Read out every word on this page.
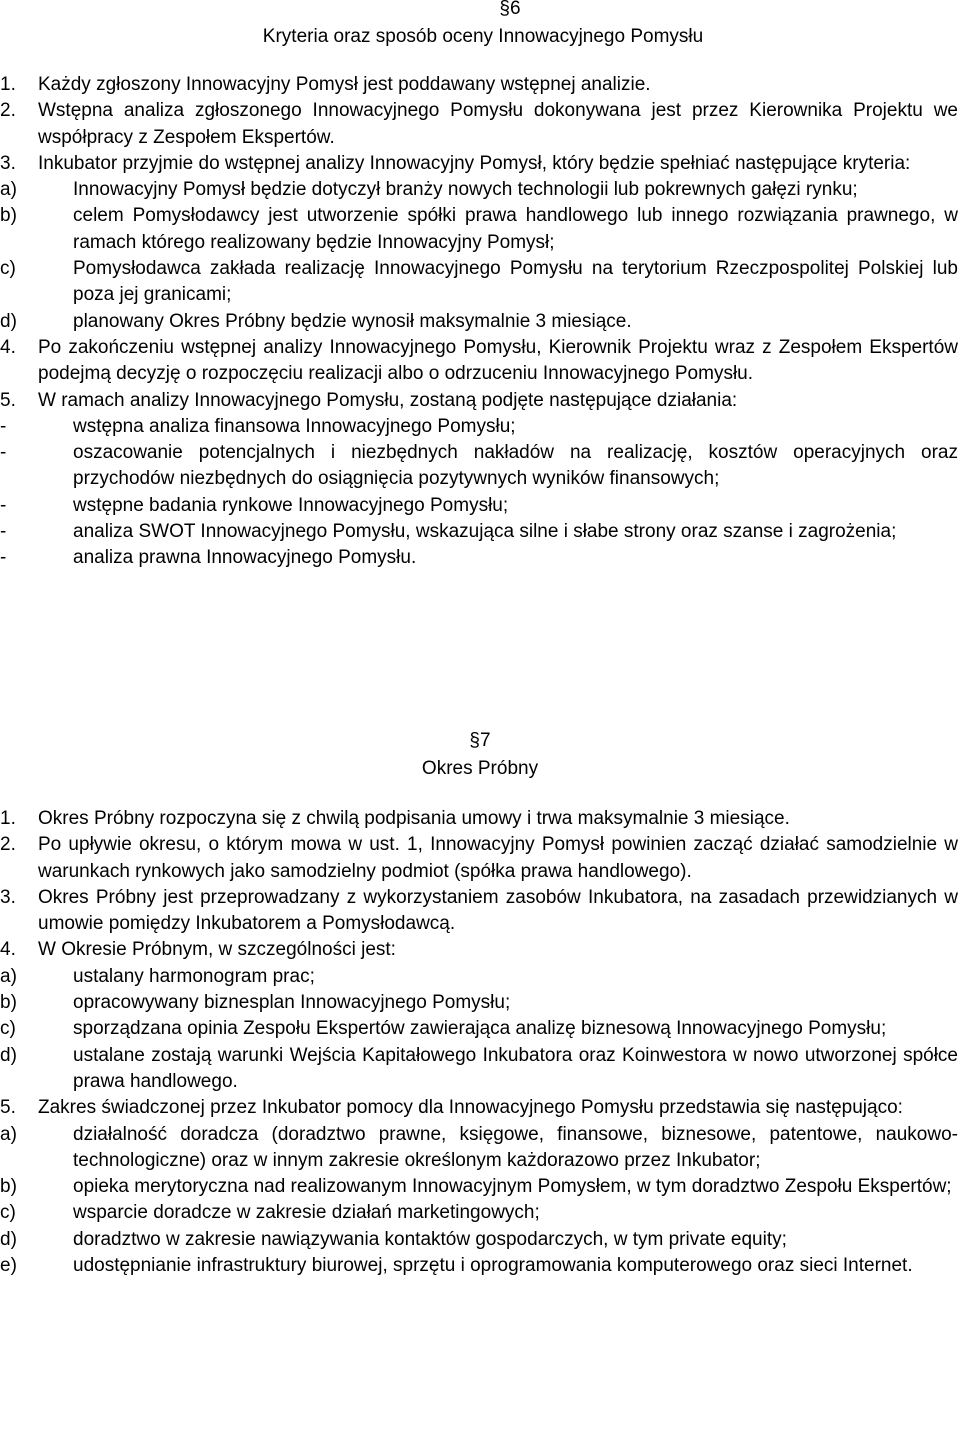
§6
Kryteria oraz sposób oceny Innowacyjnego Pomysłu
1.	Każdy zgłoszony Innowacyjny Pomysł jest poddawany wstępnej analizie.
2.	Wstępna analiza zgłoszonego Innowacyjnego Pomysłu dokonywana jest przez Kierownika Projektu we współpracy z Zespołem Ekspertów.
3.	Inkubator przyjmie do wstępnej analizy Innowacyjny Pomysł, który będzie spełniać następujące kryteria:
a)	Innowacyjny Pomysł będzie dotyczył branży nowych technologii lub pokrewnych gałęzi rynku;
b)	celem Pomysłodawcy jest utworzenie spółki prawa handlowego lub innego rozwiązania prawnego, w ramach którego realizowany będzie Innowacyjny Pomysł;
c)	Pomysłodawca zakłada realizację Innowacyjnego Pomysłu na terytorium Rzeczpospolitej Polskiej lub poza jej granicami;
d)	planowany Okres Próbny będzie wynosił maksymalnie 3 miesiące.
4.	Po zakończeniu wstępnej analizy Innowacyjnego Pomysłu, Kierownik Projektu wraz z Zespołem Ekspertów podejmą decyzję o rozpoczęciu realizacji albo o odrzuceniu Innowacyjnego Pomysłu.
5.	W ramach analizy Innowacyjnego Pomysłu, zostaną podjęte następujące działania:
-	wstępna analiza finansowa Innowacyjnego Pomysłu;
-	oszacowanie potencjalnych i niezbędnych nakładów na realizację, kosztów operacyjnych oraz przychodów niezbędnych do osiągnięcia pozytywnych wyników finansowych;
-	wstępne badania rynkowe Innowacyjnego Pomysłu;
-	analiza SWOT Innowacyjnego Pomysłu, wskazująca silne i słabe strony oraz szanse i zagrożenia;
-	analiza prawna Innowacyjnego Pomysłu.
§7
Okres Próbny
1.	Okres Próbny rozpoczyna się z chwilą podpisania umowy i trwa maksymalnie 3 miesiące.
2.	Po upływie okresu, o którym mowa w ust. 1, Innowacyjny Pomysł powinien zacząć działać samodzielnie w warunkach rynkowych jako samodzielny podmiot (spółka prawa handlowego).
3.	Okres Próbny jest przeprowadzany z wykorzystaniem zasobów Inkubatora, na zasadach przewidzianych w umowie pomiędzy Inkubatorem a Pomysłodawcą.
4.	W Okresie Próbnym, w szczególności jest:
a)	ustalany harmonogram prac;
b)	opracowywany biznesplan Innowacyjnego Pomysłu;
c)	sporządzana opinia Zespołu Ekspertów zawierająca analizę biznesową Innowacyjnego Pomysłu;
d)	ustalane zostają warunki Wejścia Kapitałowego Inkubatora oraz Koinwestora w nowo utworzonej spółce prawa handlowego.
5.	Zakres świadczonej przez Inkubator pomocy dla Innowacyjnego Pomysłu przedstawia się następująco:
a)	działalność doradcza (doradztwo prawne, księgowe, finansowe, biznesowe, patentowe, naukowo-technologiczne) oraz w innym zakresie określonym każdorazowo przez Inkubator;
b)	opieka merytoryczna nad realizowanym Innowacyjnym Pomysłem, w tym doradztwo Zespołu Ekspertów;
c)	wsparcie doradcze w zakresie działań marketingowych;
d)	doradztwo w zakresie nawiązywania kontaktów gospodarczych, w tym private equity;
e)	udostępnianie infrastruktury biurowej, sprzętu i oprogramowania komputerowego oraz sieci Internet.
